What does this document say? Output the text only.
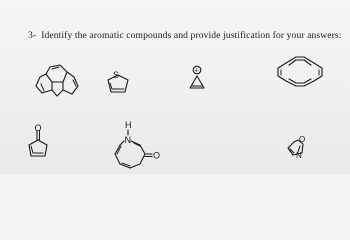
3- Identify the aromatic compounds and provide justification for your answers:
S	+
O	H
N
O
O
N
